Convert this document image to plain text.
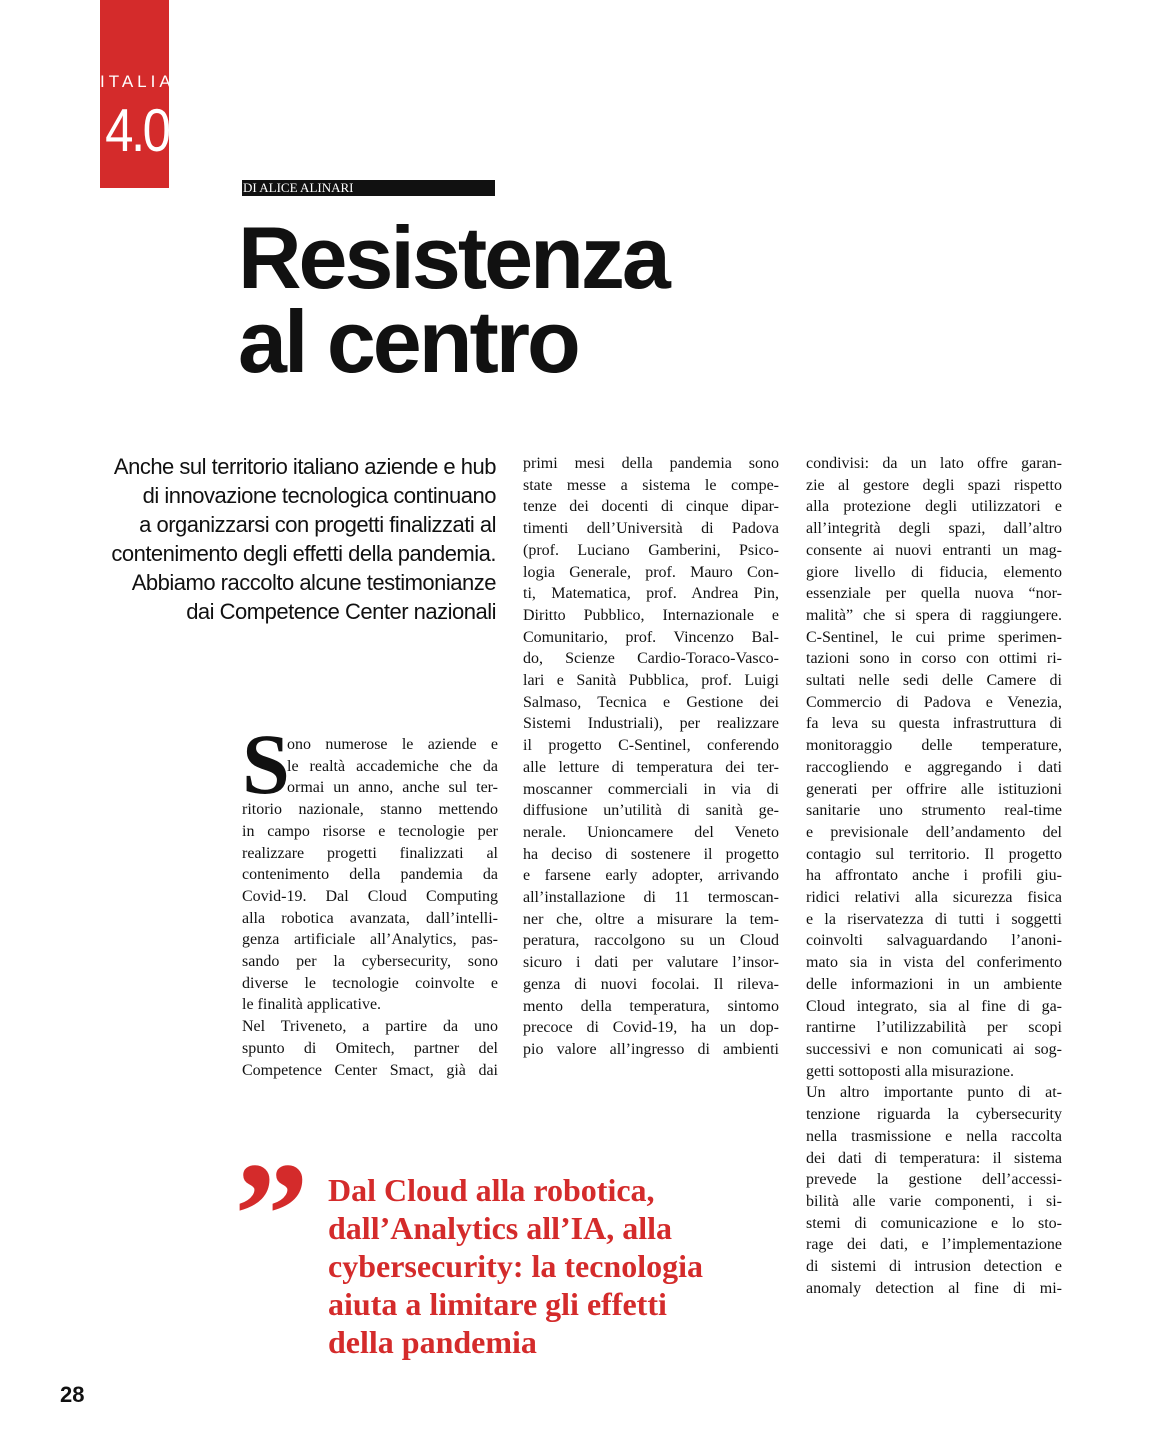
ITALIA
4.0
DI ALICE ALINARI
Resistenza
al centro
Anche sul territorio italiano aziende e hub
di innovazione tecnologica continuano
a organizzarsi con progetti finalizzati al
contenimento degli effetti della pandemia.
Abbiamo raccolto alcune testimonianze
dai Competence Center nazionali
S
ono numerose le aziende e
le realtà accademiche che da
ormai un anno, anche sul ter-
ritorio nazionale, stanno mettendo
in campo risorse e tecnologie per
realizzare progetti finalizzati al
contenimento della pandemia da
Covid-19. Dal Cloud Computing
alla robotica avanzata, dall’intelli-
genza artificiale all’Analytics, pas-
sando per la cybersecurity, sono
diverse le tecnologie coinvolte e
le finalità applicative.
Nel Triveneto, a partire da uno
spunto di Omitech, partner del
Competence Center Smact, già dai
primi mesi della pandemia sono
state messe a sistema le compe-
tenze dei docenti di cinque dipar-
timenti dell’Università di Padova
(prof. Luciano Gamberini, Psico-
logia Generale, prof. Mauro Con-
ti, Matematica, prof. Andrea Pin,
Diritto Pubblico, Internazionale e
Comunitario, prof. Vincenzo Bal-
do, Scienze Cardio-Toraco-Vasco-
lari e Sanità Pubblica, prof. Luigi
Salmaso, Tecnica e Gestione dei
Sistemi Industriali), per realizzare
il progetto C-Sentinel, conferendo
alle letture di temperatura dei ter-
moscanner commerciali in via di
diffusione un’utilità di sanità ge-
nerale. Unioncamere del Veneto
ha deciso di sostenere il progetto
e farsene early adopter, arrivando
all’installazione di 11 termoscan-
ner che, oltre a misurare la tem-
peratura, raccolgono su un Cloud
sicuro i dati per valutare l’insor-
genza di nuovi focolai. Il rileva-
mento della temperatura, sintomo
precoce di Covid-19, ha un dop-
pio valore all’ingresso di ambienti
condivisi: da un lato offre garan-
zie al gestore degli spazi rispetto
alla protezione degli utilizzatori e
all’integrità degli spazi, dall’altro
consente ai nuovi entranti un mag-
giore livello di fiducia, elemento
essenziale per quella nuova “nor-
malità” che si spera di raggiungere.
C-Sentinel, le cui prime sperimen-
tazioni sono in corso con ottimi ri-
sultati nelle sedi delle Camere di
Commercio di Padova e Venezia,
fa leva su questa infrastruttura di
monitoraggio delle temperature,
raccogliendo e aggregando i dati
generati per offrire alle istituzioni
sanitarie uno strumento real-time
e previsionale dell’andamento del
contagio sul territorio. Il progetto
ha affrontato anche i profili giu-
ridici relativi alla sicurezza fisica
e la riservatezza di tutti i soggetti
coinvolti salvaguardando l’anoni-
mato sia in vista del conferimento
delle informazioni in un ambiente
Cloud integrato, sia al fine di ga-
rantirne l’utilizzabilità per scopi
successivi e non comunicati ai sog-
getti sottoposti alla misurazione.
Un altro importante punto di at-
tenzione riguarda la cybersecurity
nella trasmissione e nella raccolta
dei dati di temperatura: il sistema
prevede la gestione dell’accessi-
bilità alle varie componenti, i si-
stemi di comunicazione e lo sto-
rage dei dati, e l’implementazione
di sistemi di intrusion detection e
anomaly detection al fine di mi-
” Dal Cloud alla robotica,
dall’Analytics all’IA, alla
cybersecurity: la tecnologia
aiuta a limitare gli effetti
della pandemia
28
